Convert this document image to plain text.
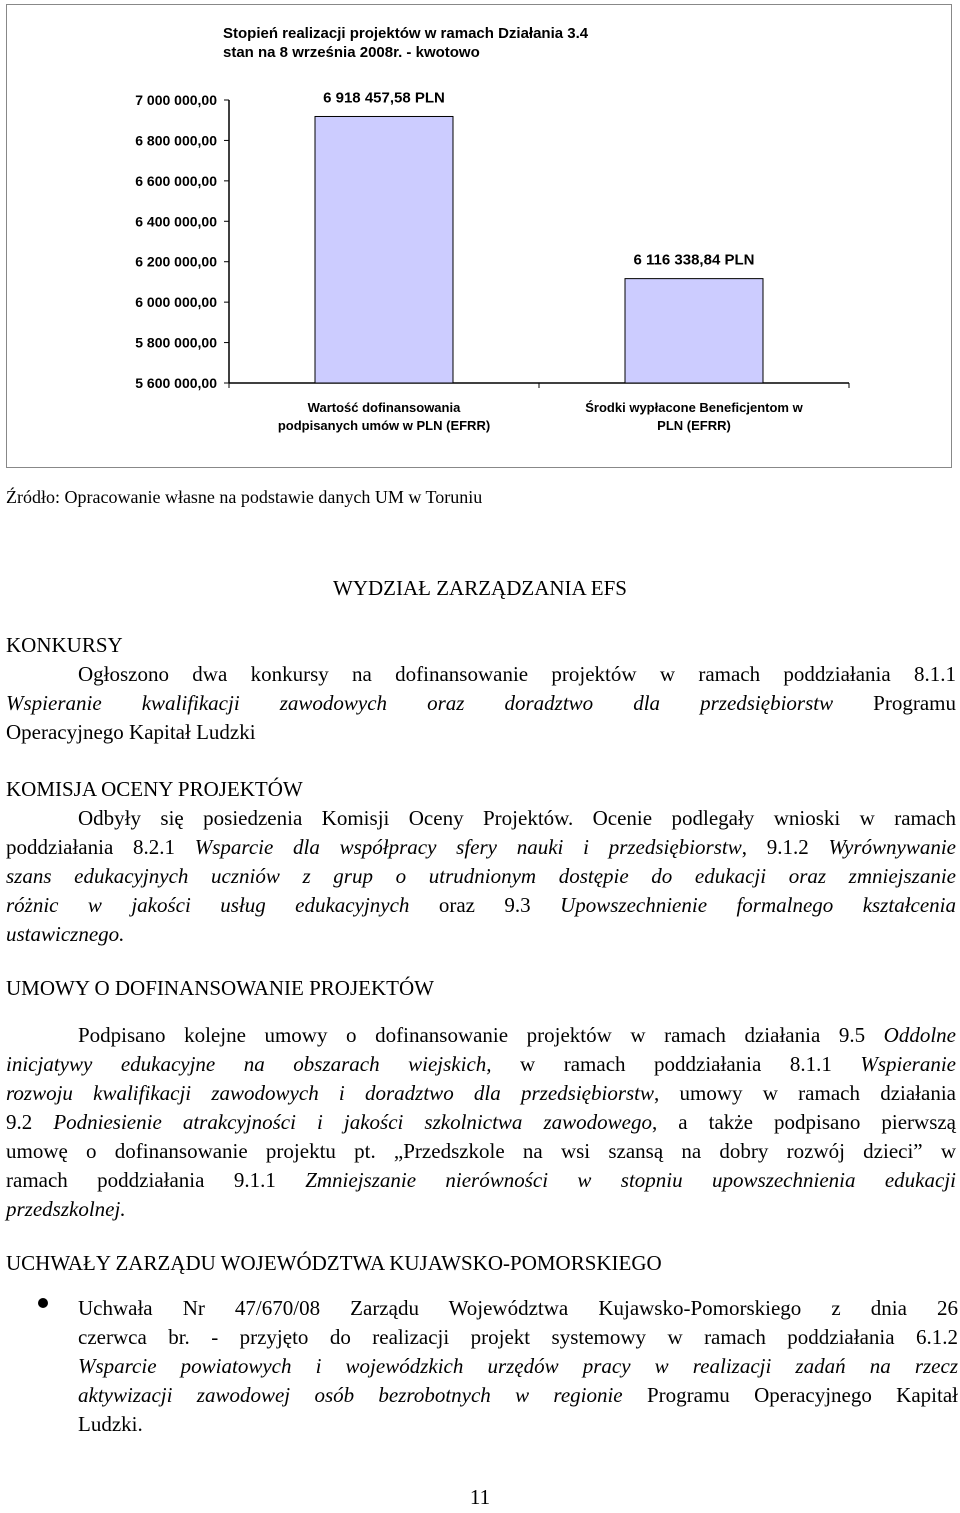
Stopień realizacji projektów w ramach Działania 3.4
stan na 8 września 2008r. - kwotowo
5 600 000,00
5 800 000,00
6 000 000,00
6 200 000,00
6 400 000,00
6 600 000,00
6 800 000,00
7 000 000,00	6 918 457,58 PLN
Wartość dofinansowania
podpisanych umów w PLN (EFRR)
6 116 338,84 PLN
Środki wypłacone Beneficjentom w
PLN (EFRR)
Źródło: Opracowanie własne na podstawie danych UM w Toruniu
WYDZIAŁ ZARZĄDZANIA EFS
KONKURSY
Ogłoszono dwa konkursy na dofinansowanie projektów w ramach poddziałania 8.1.1
Wspieranie kwalifikacji zawodowych oraz doradztwo dla przedsiębiorstw Programu
Operacyjnego Kapitał Ludzki
KOMISJA OCENY PROJEKTÓW
Odbyły się posiedzenia Komisji Oceny Projektów. Ocenie podlegały wnioski w ramach
poddziałania 8.2.1 Wsparcie dla współpracy sfery nauki i przedsiębiorstw, 9.1.2 Wyrównywanie
szans edukacyjnych uczniów z grup o utrudnionym dostępie do edukacji oraz zmniejszanie
różnic w jakości usług edukacyjnych oraz 9.3 Upowszechnienie formalnego kształcenia
ustawicznego.
UMOWY O DOFINANSOWANIE PROJEKTÓW
Podpisano kolejne umowy o dofinansowanie projektów w ramach działania 9.5 Oddolne
inicjatywy edukacyjne na obszarach wiejskich, w ramach poddziałania 8.1.1 Wspieranie
rozwoju kwalifikacji zawodowych i doradztwo dla przedsiębiorstw, umowy w ramach działania
9.2 Podniesienie atrakcyjności i jakości szkolnictwa zawodowego, a także podpisano pierwszą
umowę o dofinansowanie projektu pt. „Przedszkole na wsi szansą na dobry rozwój dzieci” w
ramach poddziałania 9.1.1 Zmniejszanie nierówności w stopniu upowszechnienia edukacji
przedszkolnej.
UCHWAŁY ZARZĄDU WOJEWÓDZTWA KUJAWSKO-POMORSKIEGO
Uchwała Nr 47/670/08 Zarządu Województwa Kujawsko-Pomorskiego z dnia 26
czerwca br. - przyjęto do realizacji projekt systemowy w ramach poddziałania 6.1.2
Wsparcie powiatowych i wojewódzkich urzędów pracy w realizacji zadań na rzecz
aktywizacji zawodowej osób bezrobotnych w regionie Programu Operacyjnego Kapitał
Ludzki.
11
